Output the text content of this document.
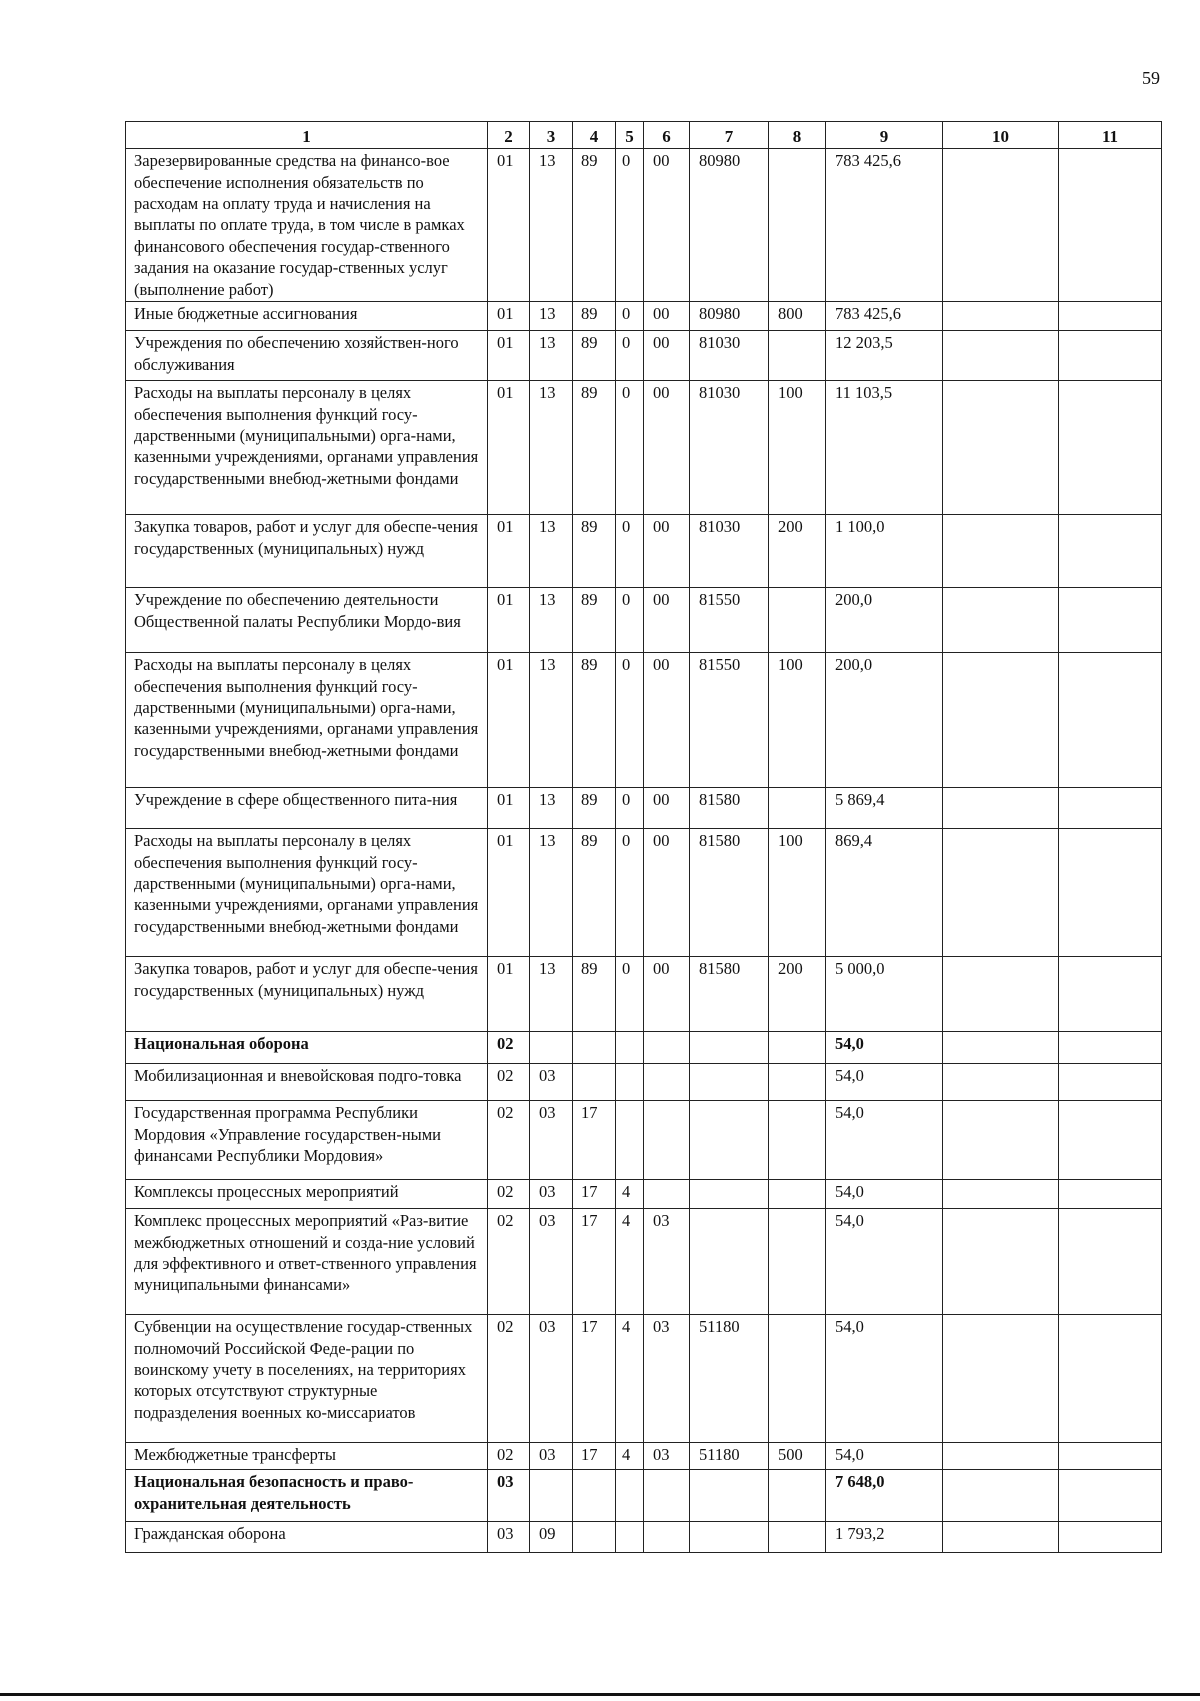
59
1	2	3	4	5	6	7	8	9	10	11
Зарезервированные средства на финансо-вое обеспечение исполнения обязательств по расходам на оплату труда и начисления на выплаты по оплате труда, в том числе в рамках финансового обеспечения государ-ственного задания на оказание государ-ственных услуг (выполнение работ)	01	13	89	0	00	80980		783 425,6		
Иные бюджетные ассигнования	01	13	89	0	00	80980	800	783 425,6		
Учреждения по обеспечению хозяйствен-ного обслуживания	01	13	89	0	00	81030		12 203,5		
Расходы на выплаты персоналу в целях обеспечения выполнения функций госу-дарственными (муниципальными) орга-нами, казенными учреждениями, органами управления государственными внебюд-жетными фондами	01	13	89	0	00	81030	100	11 103,5		
Закупка товаров, работ и услуг для обеспе-чения государственных (муниципальных) нужд	01	13	89	0	00	81030	200	1 100,0		
Учреждение по обеспечению деятельности Общественной палаты Республики Мордо-вия	01	13	89	0	00	81550		200,0		
Расходы на выплаты персоналу в целях обеспечения выполнения функций госу-дарственными (муниципальными) орга-нами, казенными учреждениями, органами управления государственными внебюд-жетными фондами	01	13	89	0	00	81550	100	200,0		
Учреждение в сфере общественного пита-ния	01	13	89	0	00	81580		5 869,4		
Расходы на выплаты персоналу в целях обеспечения выполнения функций госу-дарственными (муниципальными) орга-нами, казенными учреждениями, органами управления государственными внебюд-жетными фондами	01	13	89	0	00	81580	100	869,4		
Закупка товаров, работ и услуг для обеспе-чения государственных (муниципальных) нужд	01	13	89	0	00	81580	200	5 000,0		
Национальная оборона	02							54,0		
Мобилизационная и вневойсковая подго-товка	02	03						54,0		
Государственная программа Республики Мордовия «Управление государствен-ными финансами Республики Мордовия»	02	03	17					54,0		
Комплексы процессных мероприятий	02	03	17	4				54,0		
Комплекс процессных мероприятий «Раз-витие межбюджетных отношений и созда-ние условий для эффективного и ответ-ственного управления муниципальными финансами»	02	03	17	4	03			54,0		
Субвенции на осуществление государ-ственных полномочий Российской Феде-рации по воинскому учету в поселениях, на территориях которых отсутствуют структурные подразделения военных ко-миссариатов	02	03	17	4	03	51180		54,0		
Межбюджетные трансферты	02	03	17	4	03	51180	500	54,0		
Национальная безопасность и право-охранительная деятельность	03							7 648,0		
Гражданская оборона	03	09						1 793,2		
